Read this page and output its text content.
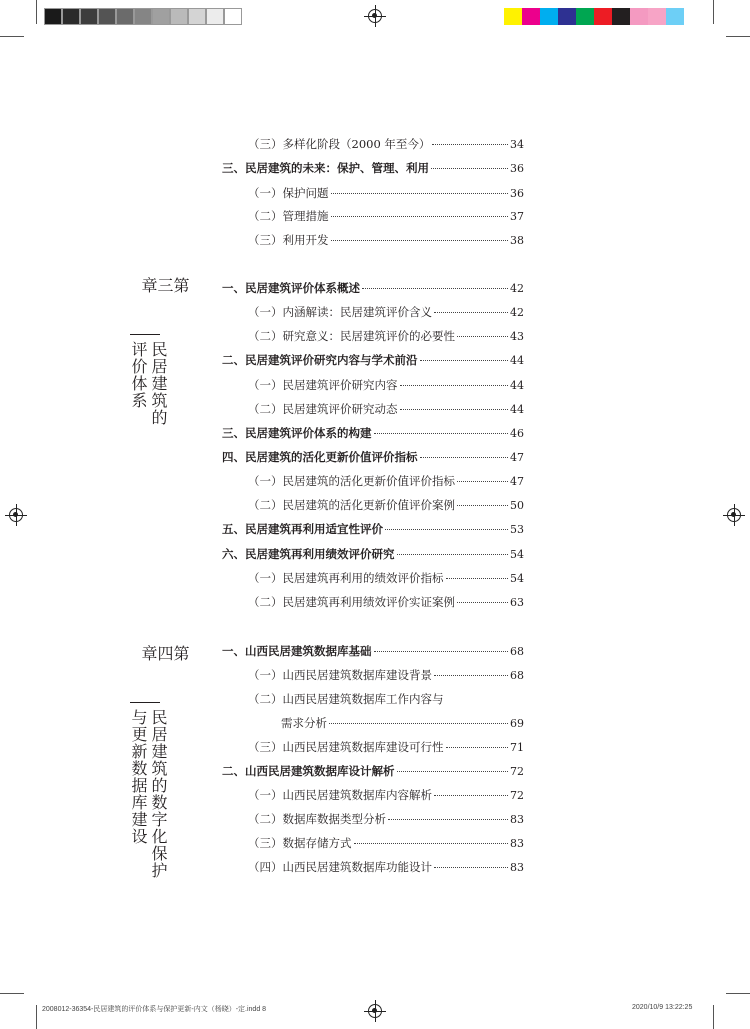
（三）多样化阶段（2000 年至今）	34
三、民居建筑的未来：保护、管理、利用	36
（一）保护问题	36
（二）管理措施	37
（三）利用开发	38
一、民居建筑评价体系概述	42
（一）内涵解读：民居建筑评价含义	42
（二）研究意义：民居建筑评价的必要性	43
二、民居建筑评价研究内容与学术前沿	44
（一）民居建筑评价研究内容	44
（二）民居建筑评价研究动态	44
三、民居建筑评价体系的构建	46
四、民居建筑的活化更新价值评价指标	47
（一）民居建筑的活化更新价值评价指标	47
（二）民居建筑的活化更新价值评价案例	50
五、民居建筑再利用适宜性评价	53
六、民居建筑再利用绩效评价研究	54
（一）民居建筑再利用的绩效评价指标	54
（二）民居建筑再利用绩效评价实证案例	63
一、山西民居建筑数据库基础	68
（一）山西民居建筑数据库建设背景	68
（二）山西民居建筑数据库工作内容与
需求分析	69
（三）山西民居建筑数据库建设可行性	71
二、山西民居建筑数据库设计解析	72
（一）山西民居建筑数据库内容解析	72
（二）数据库数据类型分析	83
（三）数据存储方式	83
（四）山西民居建筑数据库功能设计	83
第三章
民居建筑的
评价体系
第四章
民居建筑的数字化保护
与更新数据库建设
2008012-36354-民居建筑的评价体系与保护更新-内文（杨晓）-定.indd 8	2020/10/9 13:22:25
